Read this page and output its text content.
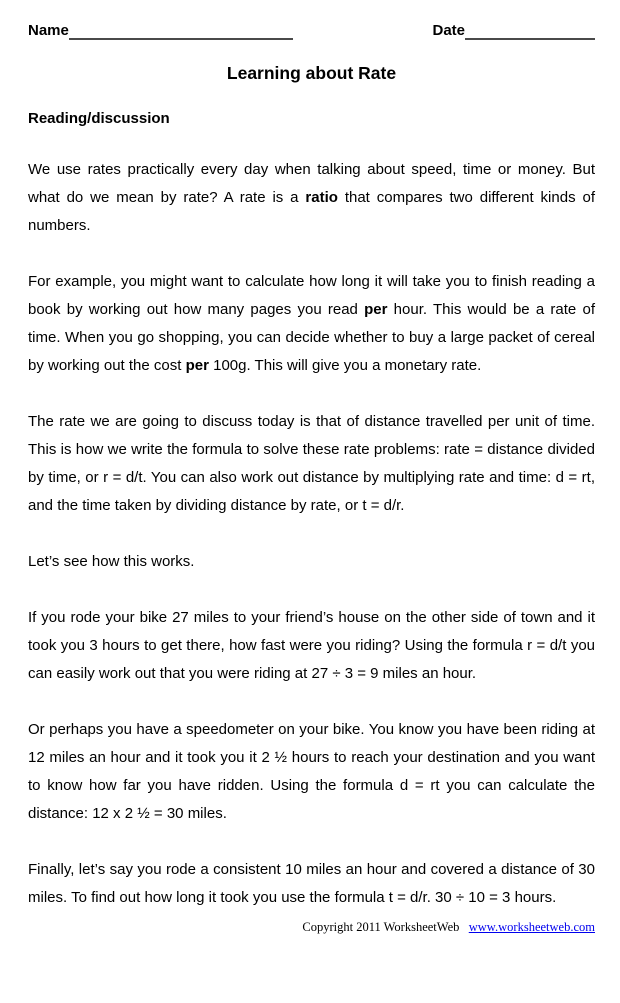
Name	Date
Learning about Rate
Reading/discussion

We use rates practically every day when talking about speed, time or money. But what do we mean by rate? A rate is a ratio that compares two different kinds of numbers.

For example, you might want to calculate how long it will take you to finish reading a book by working out how many pages you read per hour. This would be a rate of time. When you go shopping, you can decide whether to buy a large packet of cereal by working out the cost per 100g. This will give you a monetary rate.

The rate we are going to discuss today is that of distance travelled per unit of time. This is how we write the formula to solve these rate problems: rate = distance divided by time, or r = d/t. You can also work out distance by multiplying rate and time: d = rt, and the time taken by dividing distance by rate, or t = d/r.

Let’s see how this works.

If you rode your bike 27 miles to your friend’s house on the other side of town and it took you 3 hours to get there, how fast were you riding? Using the formula r = d/t you can easily work out that you were riding at 27 ÷ 3 = 9 miles an hour.

Or perhaps you have a speedometer on your bike. You know you have been riding at 12 miles an hour and it took you it 2 ½ hours to reach your destination and you want to know how far you have ridden. Using the formula d = rt you can calculate the distance: 12 x 2 ½ = 30 miles.

Finally, let’s say you rode a consistent 10 miles an hour and covered a distance of 30 miles. To find out how long it took you use the formula t = d/r. 30 ÷ 10 = 3 hours.

Copyright 2011 WorksheetWeb www.worksheetweb.com
